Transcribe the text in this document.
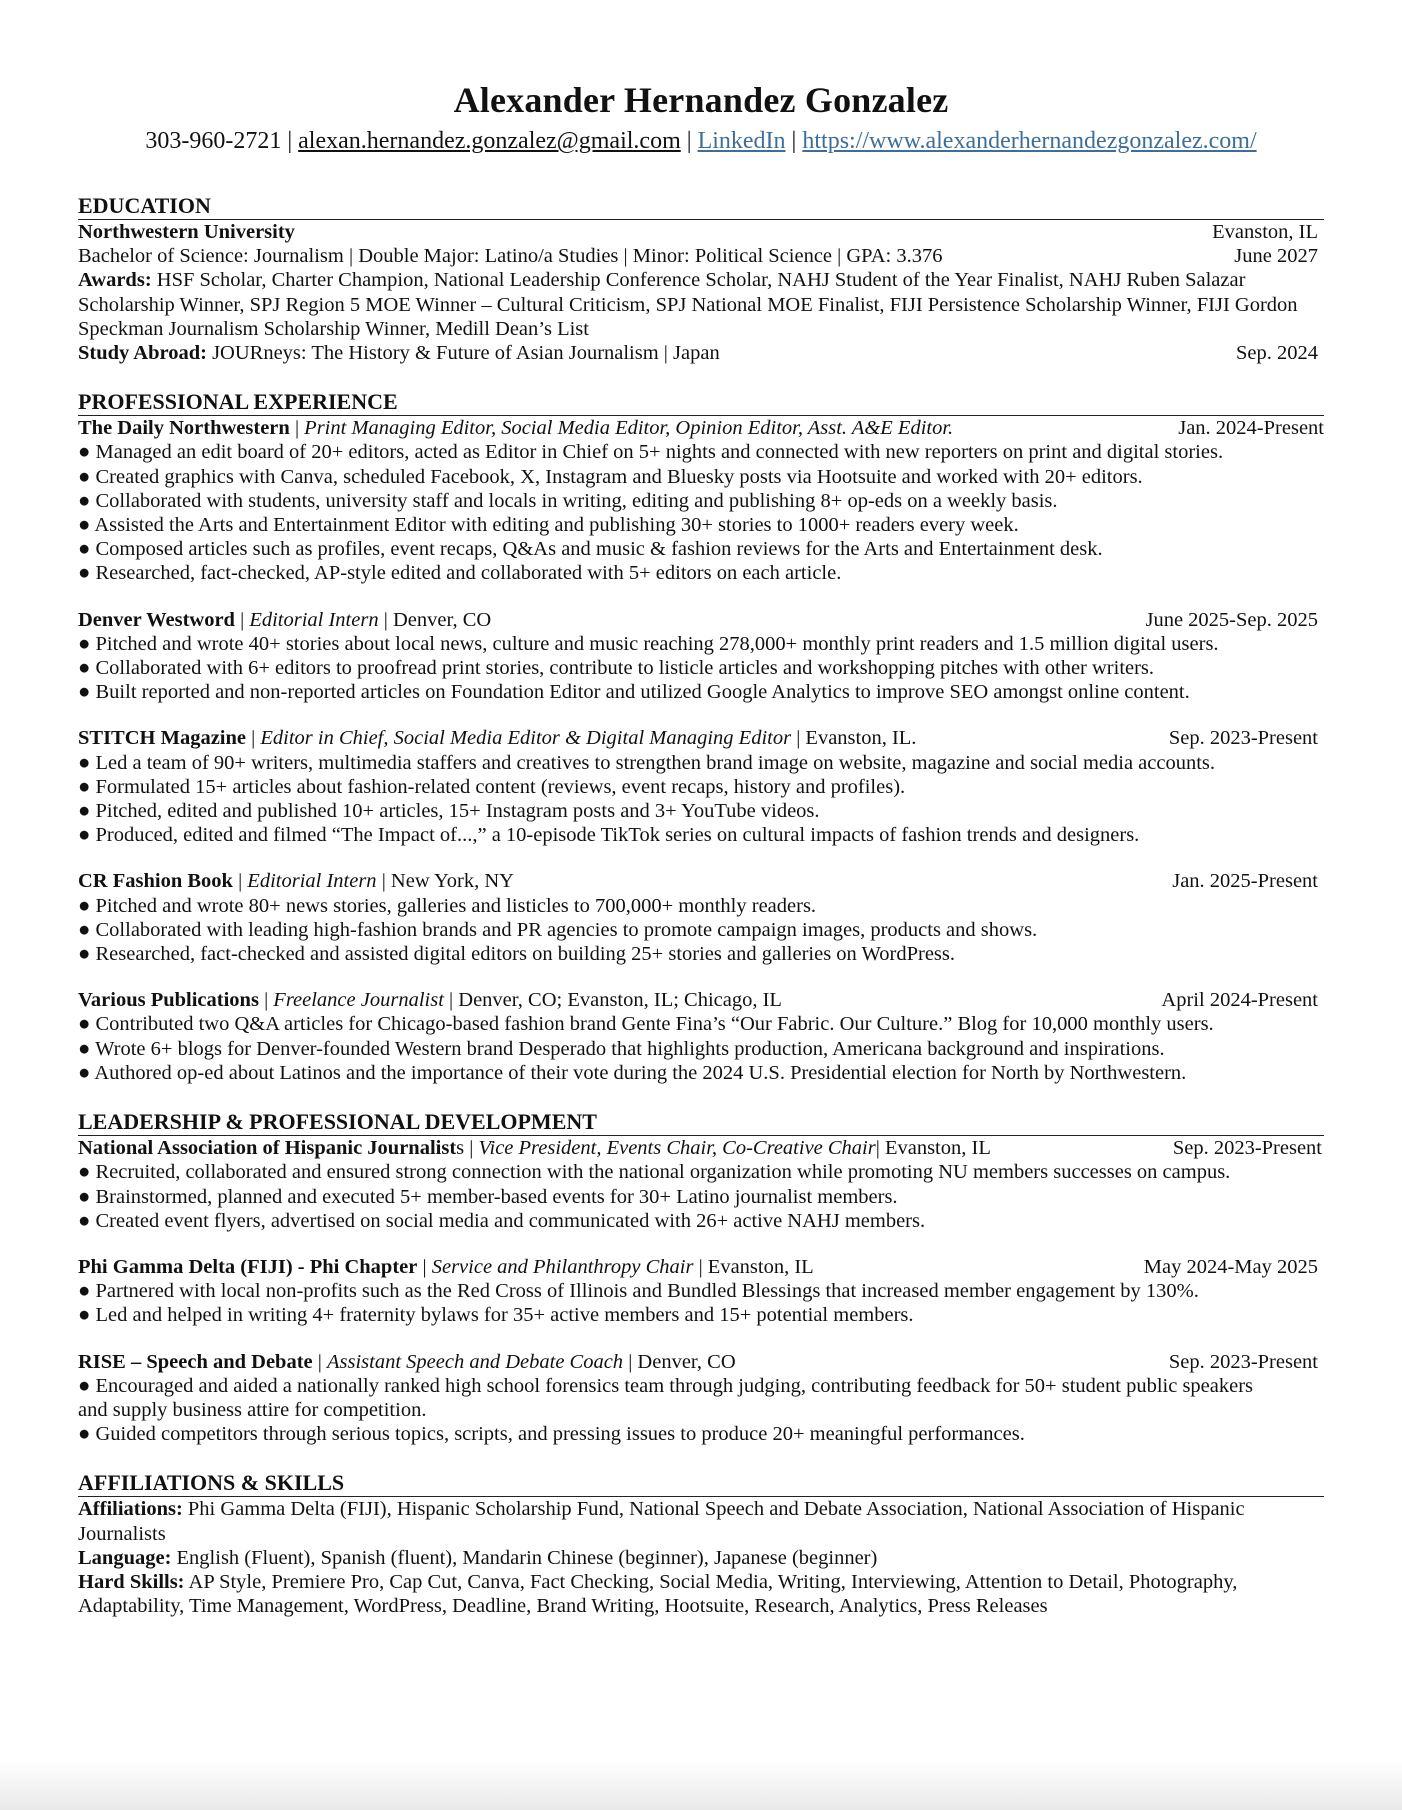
Alexander Hernandez Gonzalez
303-960-2721 | alexan.hernandez.gonzalez@gmail.com | LinkedIn | https://www.alexanderhernandezgonzalez.com/
EDUCATION
Northwestern University	Evanston, IL
Bachelor of Science: Journalism | Double Major: Latino/a Studies | Minor: Political Science | GPA: 3.376	June 2027
Awards: HSF Scholar, Charter Champion, National Leadership Conference Scholar, NAHJ Student of the Year Finalist, NAHJ Ruben Salazar Scholarship Winner, SPJ Region 5 MOE Winner – Cultural Criticism, SPJ National MOE Finalist, FIJI Persistence Scholarship Winner, FIJI Gordon Speckman Journalism Scholarship Winner, Medill Dean’s List
Study Abroad: JOURneys: The History & Future of Asian Journalism | Japan	Sep. 2024
PROFESSIONAL EXPERIENCE
The Daily Northwestern | Print Managing Editor, Social Media Editor, Opinion Editor, Asst. A&E Editor.	Jan. 2024-Present
● Managed an edit board of 20+ editors, acted as Editor in Chief on 5+ nights and connected with new reporters on print and digital stories.
● Created graphics with Canva, scheduled Facebook, X, Instagram and Bluesky posts via Hootsuite and worked with 20+ editors.
● Collaborated with students, university staff and locals in writing, editing and publishing 8+ op-eds on a weekly basis.
● Assisted the Arts and Entertainment Editor with editing and publishing 30+ stories to 1000+ readers every week.
● Composed articles such as profiles, event recaps, Q&As and music & fashion reviews for the Arts and Entertainment desk.
● Researched, fact-checked, AP-style edited and collaborated with 5+ editors on each article.
Denver Westword | Editorial Intern | Denver, CO	June 2025-Sep. 2025
● Pitched and wrote 40+ stories about local news, culture and music reaching 278,000+ monthly print readers and 1.5 million digital users.
● Collaborated with 6+ editors to proofread print stories, contribute to listicle articles and workshopping pitches with other writers.
● Built reported and non-reported articles on Foundation Editor and utilized Google Analytics to improve SEO amongst online content.
STITCH Magazine | Editor in Chief, Social Media Editor & Digital Managing Editor | Evanston, IL.	Sep. 2023-Present
● Led a team of 90+ writers, multimedia staffers and creatives to strengthen brand image on website, magazine and social media accounts.
● Formulated 15+ articles about fashion-related content (reviews, event recaps, history and profiles).
● Pitched, edited and published 10+ articles, 15+ Instagram posts and 3+ YouTube videos.
● Produced, edited and filmed “The Impact of...,” a 10-episode TikTok series on cultural impacts of fashion trends and designers.
CR Fashion Book | Editorial Intern | New York, NY	Jan. 2025-Present
● Pitched and wrote 80+ news stories, galleries and listicles to 700,000+ monthly readers.
● Collaborated with leading high-fashion brands and PR agencies to promote campaign images, products and shows.
● Researched, fact-checked and assisted digital editors on building 25+ stories and galleries on WordPress.
Various Publications | Freelance Journalist | Denver, CO; Evanston, IL; Chicago, IL	April 2024-Present
● Contributed two Q&A articles for Chicago-based fashion brand Gente Fina’s “Our Fabric. Our Culture.” Blog for 10,000 monthly users.
● Wrote 6+ blogs for Denver-founded Western brand Desperado that highlights production, Americana background and inspirations.
● Authored op-ed about Latinos and the importance of their vote during the 2024 U.S. Presidential election for North by Northwestern.
LEADERSHIP & PROFESSIONAL DEVELOPMENT
National Association of Hispanic Journalists | Vice President, Events Chair, Co-Creative Chair| Evanston, IL	Sep. 2023-Present
● Recruited, collaborated and ensured strong connection with the national organization while promoting NU members successes on campus.
● Brainstormed, planned and executed 5+ member-based events for 30+ Latino journalist members.
● Created event flyers, advertised on social media and communicated with 26+ active NAHJ members.
Phi Gamma Delta (FIJI) - Phi Chapter | Service and Philanthropy Chair | Evanston, IL	May 2024-May 2025
● Partnered with local non-profits such as the Red Cross of Illinois and Bundled Blessings that increased member engagement by 130%.
● Led and helped in writing 4+ fraternity bylaws for 35+ active members and 15+ potential members.
RISE – Speech and Debate | Assistant Speech and Debate Coach | Denver, CO	Sep. 2023-Present
● Encouraged and aided a nationally ranked high school forensics team through judging, contributing feedback for 50+ student public speakers and supply business attire for competition.
● Guided competitors through serious topics, scripts, and pressing issues to produce 20+ meaningful performances.
AFFILIATIONS & SKILLS
Affiliations: Phi Gamma Delta (FIJI), Hispanic Scholarship Fund, National Speech and Debate Association, National Association of Hispanic Journalists
Language: English (Fluent), Spanish (fluent), Mandarin Chinese (beginner), Japanese (beginner)
Hard Skills: AP Style, Premiere Pro, Cap Cut, Canva, Fact Checking, Social Media, Writing, Interviewing, Attention to Detail, Photography, Adaptability, Time Management, WordPress, Deadline, Brand Writing, Hootsuite, Research, Analytics, Press Releases
